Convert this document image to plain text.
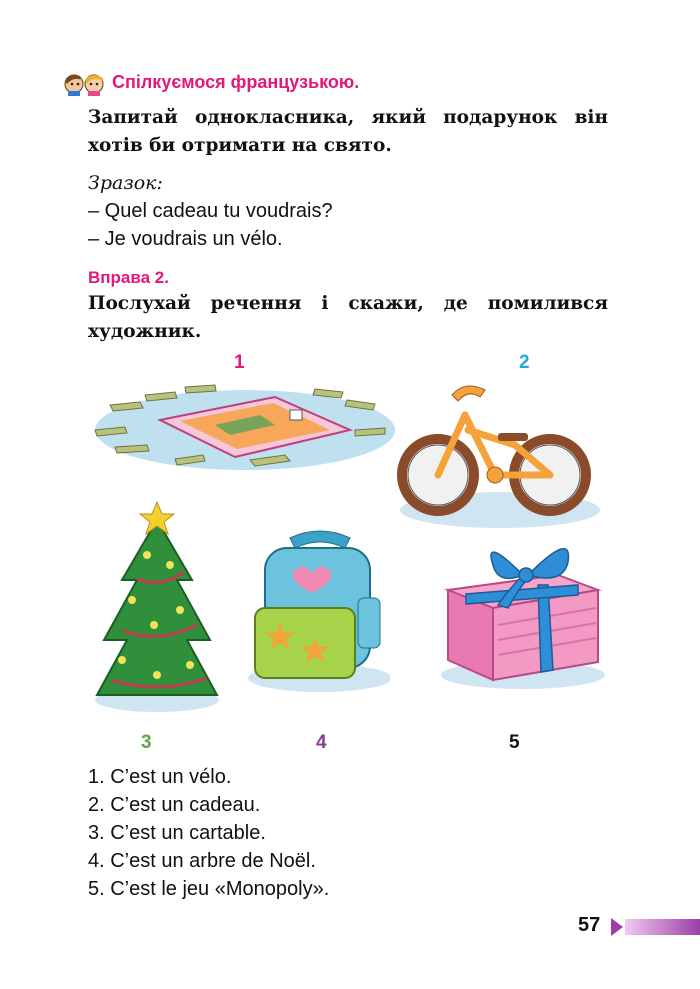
Спілкуємося французькою.
Запитай однокласника, який подарунок він хотів би отримати на свято.
Зразок:
– Quel cadeau tu voudrais?
– Je voudrais un vélo.
Вправа 2.
Послухай речення і скажи, де помилився художник.
1	2
3	4	5
1. C’est un vélo.
2. C’est un cadeau.
3. C’est un cartable.
4. C’est un arbre de Noël.
5. C’est le jeu «Monopoly».
57
